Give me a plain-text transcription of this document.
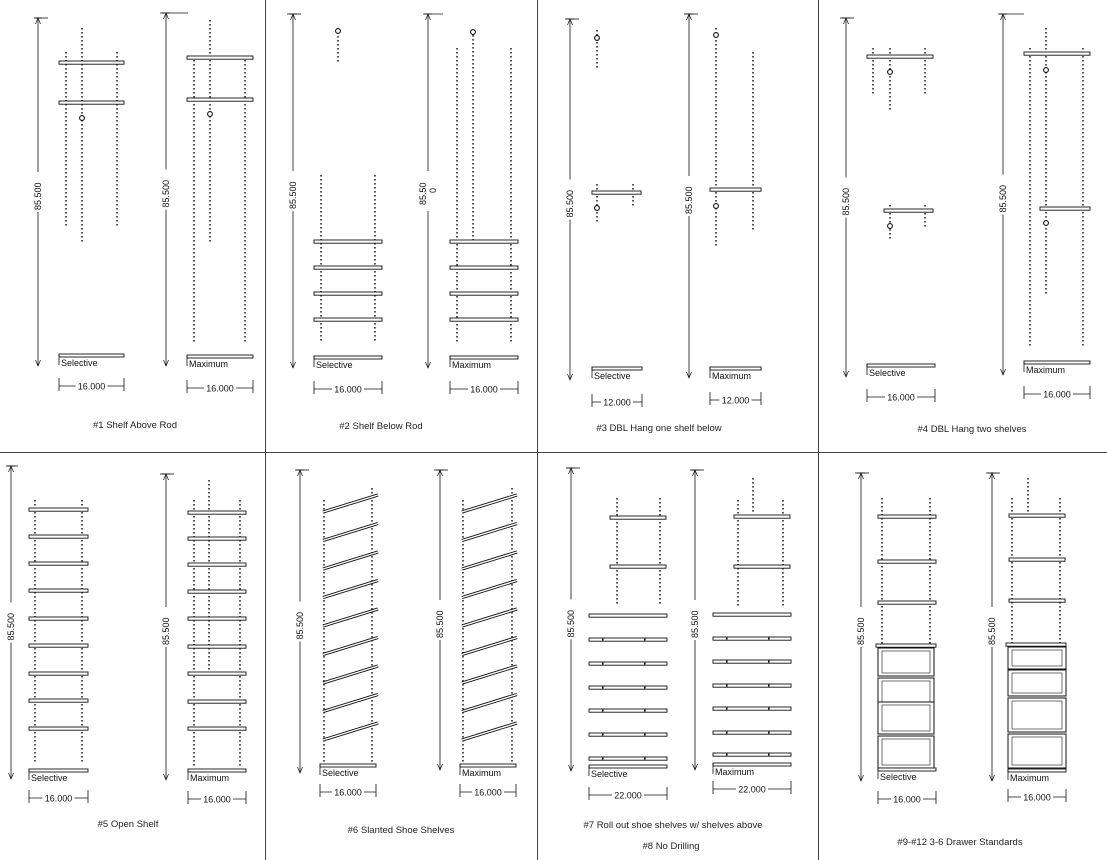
#1 Shelf Above Rod	#2 Shelf Below Rod	#3 DBL Hang one shelf below	#4 DBL Hang two shelves
#5 Open Shelf
#6 Slanted Shoe Shelves	#7 Roll out shoe shelves w/ shelves above
#8 No Drilling	#9-#12 3-6 Drawer Standards
85.500
Selective
16.000
85.500
Maximum
16.000
85.500
Selective
16.000
85.50 0
Maximum
16.000
85.500
Selective
12.000
85.500
Maximum
12.000
85.500
Selective
16.000
85.500
Maximum
16.000
85.500
Selective
16.000
85.500
Maximum
16.000
85.500
Selective
16.000
85.500
Maximum
16.000
85.500
Selective
22.000
85.500
Maximum
22.000
85.500
Selective
16.000
85.500
Maximum
16.000
